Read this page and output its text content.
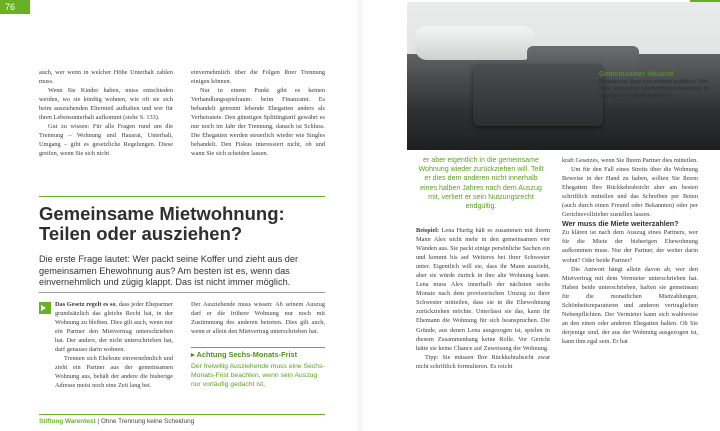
76

auch, wer wenn in welcher Höhe Unterhalt zahlen muss.

Wenn Sie Kinder haben, muss entschieden werden, wo sie künftig wohnen, wie oft sie sich beim ausziehenden Elternteil aufhalten und wer für ihren Lebensunterhalt aufkommt (siehe S. 133).

Gut zu wissen: Für alle Fragen rund um die Trennung – Wohnung und Hausrat, Unterhalt, Umgang – gibt es gesetzliche Regelungen. Diese greifen, wenn Sie sich nicht

einvernehmlich über die Folgen Ihrer Trennung einigen können.

Nur in einem Punkt gibt es keinen Verhandlungsspielraum: beim Finanzamt. Es behandelt getrennt lebende Ehegatten anders als Verheiratete. Den günstigen Splittingtarif gewährt es nur noch im Jahr der Trennung, danach ist Schluss. Die Ehegatten werden steuerlich wieder wie Singles behandelt. Den Fiskus interessiert nicht, ob und wann Sie sich scheiden lassen.

Gemeinsame Mietwohnung:
Teilen oder ausziehen?
Die erste Frage lautet: Wer packt seine Koffer und zieht aus der gemeinsamen Ehewohnung aus? Am besten ist es, wenn das einvernehmlich und zügig klappt. Das ist nicht immer möglich.

Das Gesetz regelt es so, dass jeder Ehepartner grundsätzlich das gleiche Recht hat, in der Wohnung zu bleiben. Dies gilt auch, wenn nur ein Partner den Mietvertrag unterschrieben hat. Der andere, der nicht unterschrieben hat, darf genauso darin wohnen.

Trennen sich Eheleute einvernehmlich und zieht ein Partner aus der gemeinsamen Wohnung aus, behält der andere die bisherige Adresse meist noch eine Zeit lang bei.

Der Ausziehende muss wissen: Ab seinem Auszug darf er die frühere Wohnung nur noch mit Zustimmung des anderen betreten. Dies gilt auch, wenn er allein den Mietvertrag unterschrieben hat.

▸ Achtung Sechs-Monats-Frist
Der freiwillig Ausziehende muss eine Sechs-Monats-Frist beachten, wenn sein Auszug nur vorläufig gedacht ist,
Stiftung Warentest | Ohne Trennung keine Scheidung
Gemeinsamer Hausrat
Bettwäsche lässt sich einfach aufteilen. Wer Sofa, Fernseher, Küchenmöbel bekommt, ist dagegen Verhandlungssache.
er aber eigentlich in die gemeinsame Wohnung wieder zurückziehen will. Teilt er dies dem anderen nicht innerhalb eines halben Jahres nach dem Auszug mit, verliert er sein Nutzungsrecht endgültig.

Beispiel: Lena Hurtig hält es zusammen mit ihrem Mann Alex nicht mehr in den gemeinsamen vier Wänden aus. Sie packt einige persönliche Sachen ein und kommt bis auf Weiteres bei ihrer Schwester unter. Eigentlich will sie, dass ihr Mann auszieht, aber sie würde zurück in ihre alte Wohnung kann. Lena muss Alex innerhalb der nächsten sechs Monate nach dem provisorischen Umzug zu ihrer Schwester mitteilen, dass sie in die Ehewohnung zurückziehen möchte. Unterlässt sie das, kann ihr Ehemann die Wohnung für sich beanspruchen. Die Gründe, aus denen Lena ausgezogen ist, spielen in diesem Zusammenhang keine Rolle. Vor Gericht hätte sie keine Chance auf Zuweisung der Wohnung.

Tipp: Sie müssen Ihre Rückkehrabsicht zwar nicht schriftlich formulieren. Es reicht

kraft Gesetzes, wenn Sie Ihrem Partner dies mitteilen.

Um für den Fall eines Streits über die Wohnung Beweise in der Hand zu haben, sollten Sie Ihrem Ehegatten Ihre Rückkehrabsicht aber am besten schriftlich mitteilen und das Schreiben per Boten (auch durch einen Freund oder Bekannten) oder per Gerichtsvollzieher zustellen lassen.

Wer muss die Miete weiterzahlen?

Zu klären ist nach dem Auszug eines Partners, wer für die Miete der bisherigen Ehewohnung aufkommen muss. Nur der Partner, der weiter darin wohnt? Oder beide Partner?

Die Antwort hängt allein davon ab, wer den Mietvertrag mit dem Vermieter unterschrieben hat. Haben beide unterschrieben, haften sie gemeinsam für die monatlichen Mietzahlungen, Schönheitsreparaturen und anderen vertraglichen Nebenpflichten. Der Vermieter kann sich wahlweise an den einen oder anderen Ehegatten halten. Ob Sie derjenige sind, der aus der Wohnung ausgezogen ist, kann ihm egal sein. Er hat
